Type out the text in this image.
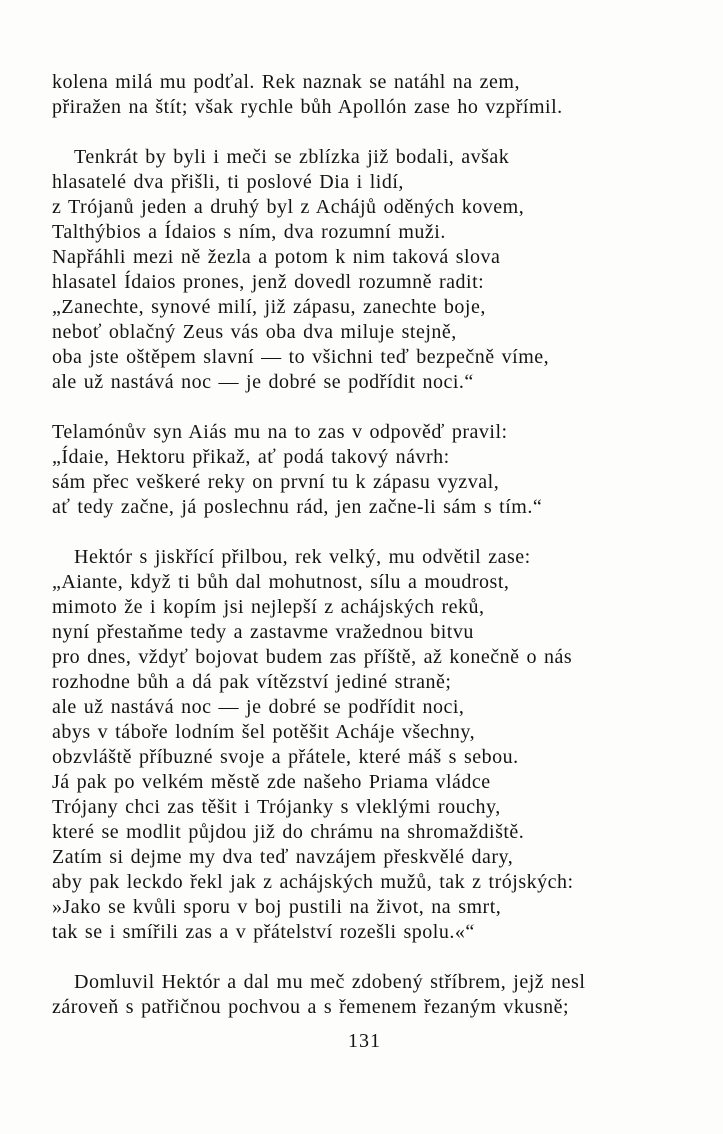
kolena milá mu podťal. Rek naznak se natáhl na zem,
přiražen na štít; však rychle bůh Apollón zase ho vzpřímil.

Tenkrát by byli i meči se zblízka již bodali, avšak
hlasatelé dva přišli, ti poslové Dia i lidí,
z Trójanů jeden a druhý byl z Achájů oděných kovem,
Talthýbios a Ídaios s ním, dva rozumní muži.
Napřáhli mezi ně žezla a potom k nim taková slova
hlasatel Ídaios prones, jenž dovedl rozumně radit:
„Zanechte, synové milí, již zápasu, zanechte boje,
neboť oblačný Zeus vás oba dva miluje stejně,
oba jste oštěpem slavní — to všichni teď bezpečně víme,
ale už nastává noc — je dobré se podřídit noci.“

Telamónův syn Aiás mu na to zas v odpověď pravil:
„Ídaie, Hektoru přikaž, ať podá takový návrh:
sám přec veškeré reky on první tu k zápasu vyzval,
ať tedy začne, já poslechnu rád, jen začne-li sám s tím.“

Hektór s jiskřící přilbou, rek velký, mu odvětil zase:
„Aiante, když ti bůh dal mohutnost, sílu a moudrost,
mimoto že i kopím jsi nejlepší z achájských reků,
nyní přestaňme tedy a zastavme vražednou bitvu
pro dnes, vždyť bojovat budem zas příště, až konečně o nás
rozhodne bůh a dá pak vítězství jediné straně;
ale už nastává noc — je dobré se podřídit noci,
abys v táboře lodním šel potěšit Acháje všechny,
obzvláště příbuzné svoje a přátele, které máš s sebou.
Já pak po velkém městě zde našeho Priama vládce
Trójany chci zas těšit i Trójanky s vleklými rouchy,
které se modlit půjdou již do chrámu na shromaždiště.
Zatím si dejme my dva teď navzájem přeskvělé dary,
aby pak leckdo řekl jak z achájských mužů, tak z trójských:
»Jako se kvůli sporu v boj pustili na život, na smrt,
tak se i smířili zas a v přátelství rozešli spolu.«“

Domluvil Hektór a dal mu meč zdobený stříbrem, jejž nesl
zároveň s patřičnou pochvou a s řemenem řezaným vkusně;

131
